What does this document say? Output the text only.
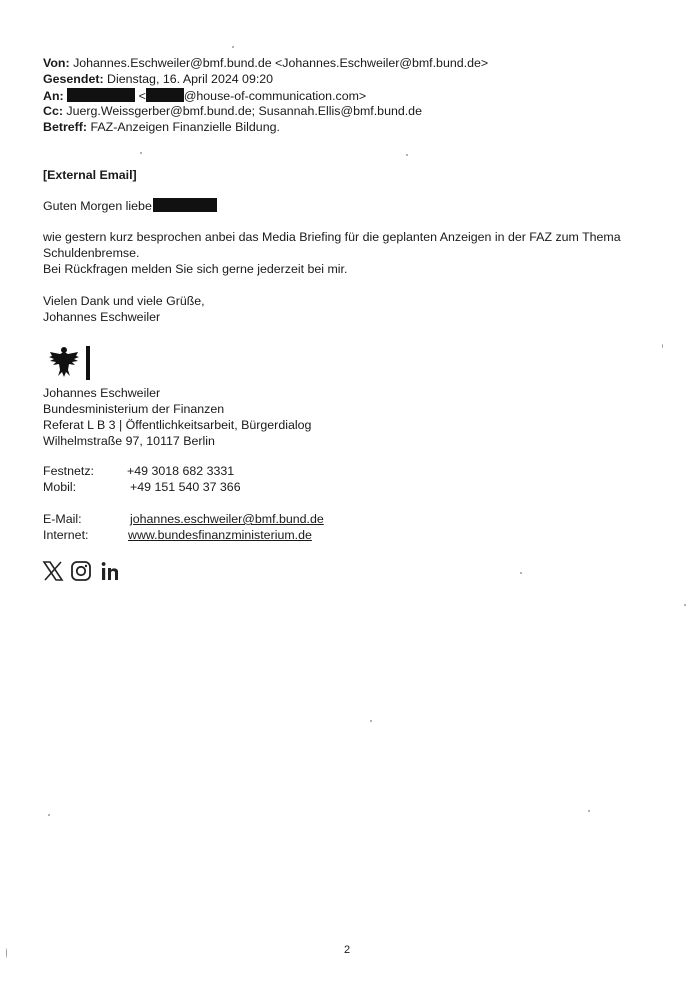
Von: Johannes.Eschweiler@bmf.bund.de <Johannes.Eschweiler@bmf.bund.de>
Gesendet: Dienstag, 16. April 2024 09:20
An:	<	@house-of-communication.com>
Cc: Juerg.Weissgerber@bmf.bund.de; Susannah.Ellis@bmf.bund.de
Betreff: FAZ-Anzeigen Finanzielle Bildung.
[External Email]
Guten Morgen liebe
wie gestern kurz besprochen anbei das Media Briefing für die geplanten Anzeigen in der FAZ zum Thema
Schuldenbremse.
Bei Rückfragen melden Sie sich gerne jederzeit bei mir.
Vielen Dank und viele Grüße,
Johannes Eschweiler
Johannes Eschweiler
Bundesministerium der Finanzen
Referat L B 3 | Öffentlichkeitsarbeit, Bürgerdialog
Wilhelmstraße 97, 10117 Berlin
Festnetz:	+49 3018 682 3331
Mobil:	+49 151 540 37 366
E-Mail:	johannes.eschweiler@bmf.bund.de
Internet:	www.bundesfinanzministerium.de
2
